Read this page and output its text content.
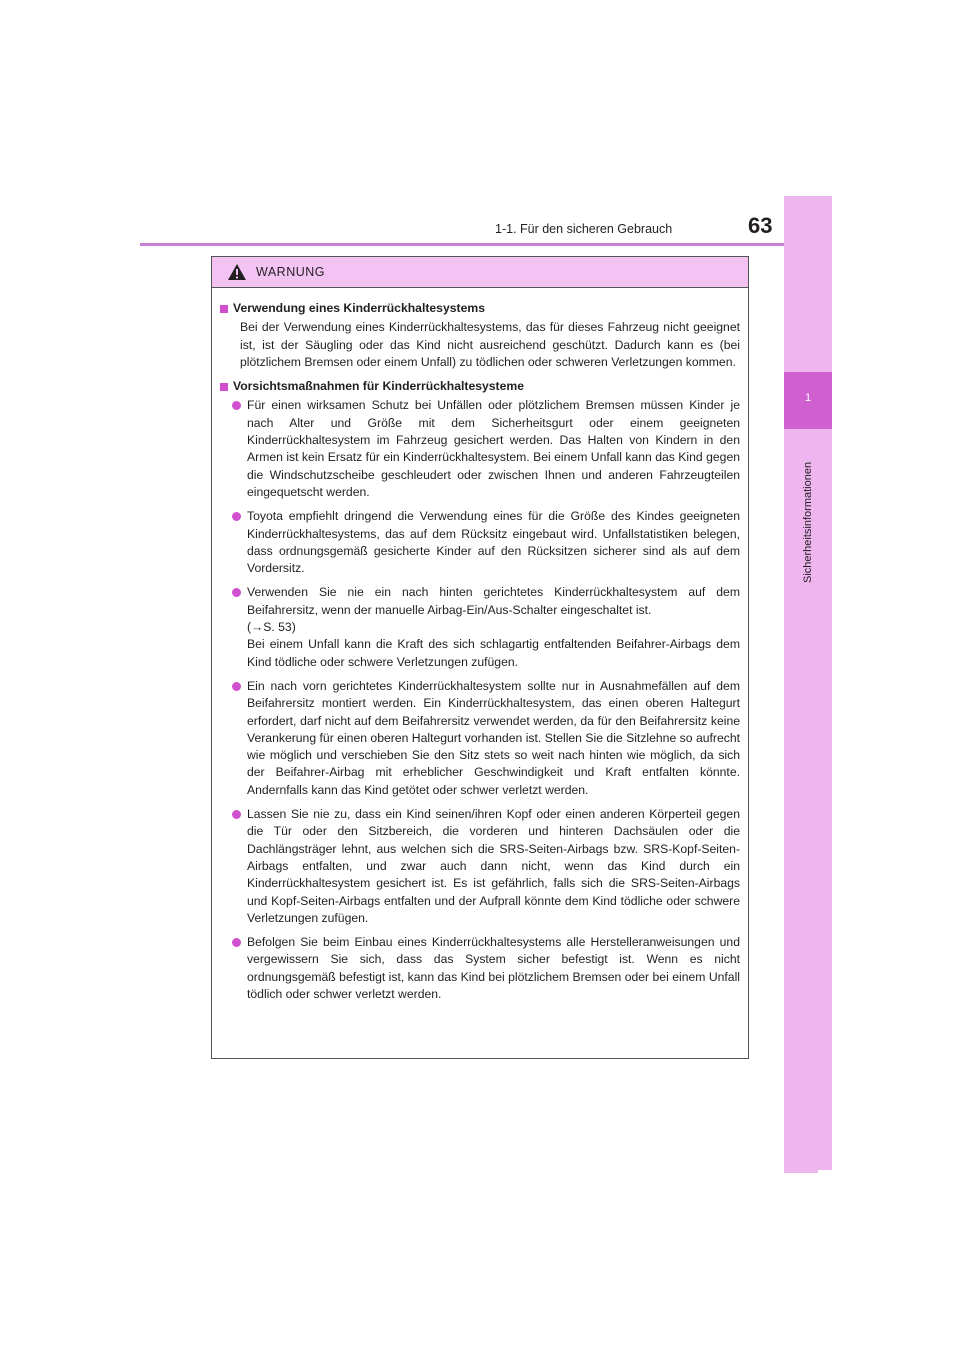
1-1. Für den sicheren Gebrauch	63
1
Sicherheitsinformationen
WARNUNG
Verwendung eines Kinderrückhaltesystems
Bei der Verwendung eines Kinderrückhaltesystems, das für dieses Fahrzeug nicht geeignet ist, ist der Säugling oder das Kind nicht ausreichend geschützt. Dadurch kann es (bei plötzlichem Bremsen oder einem Unfall) zu tödlichen oder schweren Verletzungen kommen.
Vorsichtsmaßnahmen für Kinderrückhaltesysteme
Für einen wirksamen Schutz bei Unfällen oder plötzlichem Bremsen müssen Kinder je nach Alter und Größe mit dem Sicherheitsgurt oder einem geeigneten Kinderrückhaltesystem im Fahrzeug gesichert werden. Das Halten von Kindern in den Armen ist kein Ersatz für ein Kinderrückhaltesystem. Bei einem Unfall kann das Kind gegen die Windschutzscheibe geschleudert oder zwischen Ihnen und anderen Fahrzeugteilen eingequetscht werden.
Toyota empfiehlt dringend die Verwendung eines für die Größe des Kindes geeigneten Kinderrückhaltesystems, das auf dem Rücksitz eingebaut wird. Unfallstatistiken belegen, dass ordnungsgemäß gesicherte Kinder auf den Rücksitzen sicherer sind als auf dem Vordersitz.
Verwenden Sie nie ein nach hinten gerichtetes Kinderrückhaltesystem auf dem Beifahrersitz, wenn der manuelle Airbag-Ein/Aus-Schalter eingeschaltet ist.
(→S. 53)
Bei einem Unfall kann die Kraft des sich schlagartig entfaltenden Beifahrer-Airbags dem Kind tödliche oder schwere Verletzungen zufügen.
Ein nach vorn gerichtetes Kinderrückhaltesystem sollte nur in Ausnahmefällen auf dem Beifahrersitz montiert werden. Ein Kinderrückhaltesystem, das einen oberen Haltegurt erfordert, darf nicht auf dem Beifahrersitz verwendet werden, da für den Beifahrersitz keine Verankerung für einen oberen Haltegurt vorhanden ist. Stellen Sie die Sitzlehne so aufrecht wie möglich und verschieben Sie den Sitz stets so weit nach hinten wie möglich, da sich der Beifahrer-Airbag mit erheblicher Geschwindigkeit und Kraft entfalten könnte. Andernfalls kann das Kind getötet oder schwer verletzt werden.
Lassen Sie nie zu, dass ein Kind seinen/ihren Kopf oder einen anderen Körperteil gegen die Tür oder den Sitzbereich, die vorderen und hinteren Dachsäulen oder die Dachlängsträger lehnt, aus welchen sich die SRS-Seiten-Airbags bzw. SRS-Kopf-Seiten-Airbags entfalten, und zwar auch dann nicht, wenn das Kind durch ein Kinderrückhaltesystem gesichert ist. Es ist gefährlich, falls sich die SRS-Seiten-Airbags und Kopf-Seiten-Airbags entfalten und der Aufprall könnte dem Kind tödliche oder schwere Verletzungen zufügen.
Befolgen Sie beim Einbau eines Kinderrückhaltesystems alle Herstelleranweisungen und vergewissern Sie sich, dass das System sicher befestigt ist. Wenn es nicht ordnungsgemäß befestigt ist, kann das Kind bei plötzlichem Bremsen oder bei einem Unfall tödlich oder schwer verletzt werden.
